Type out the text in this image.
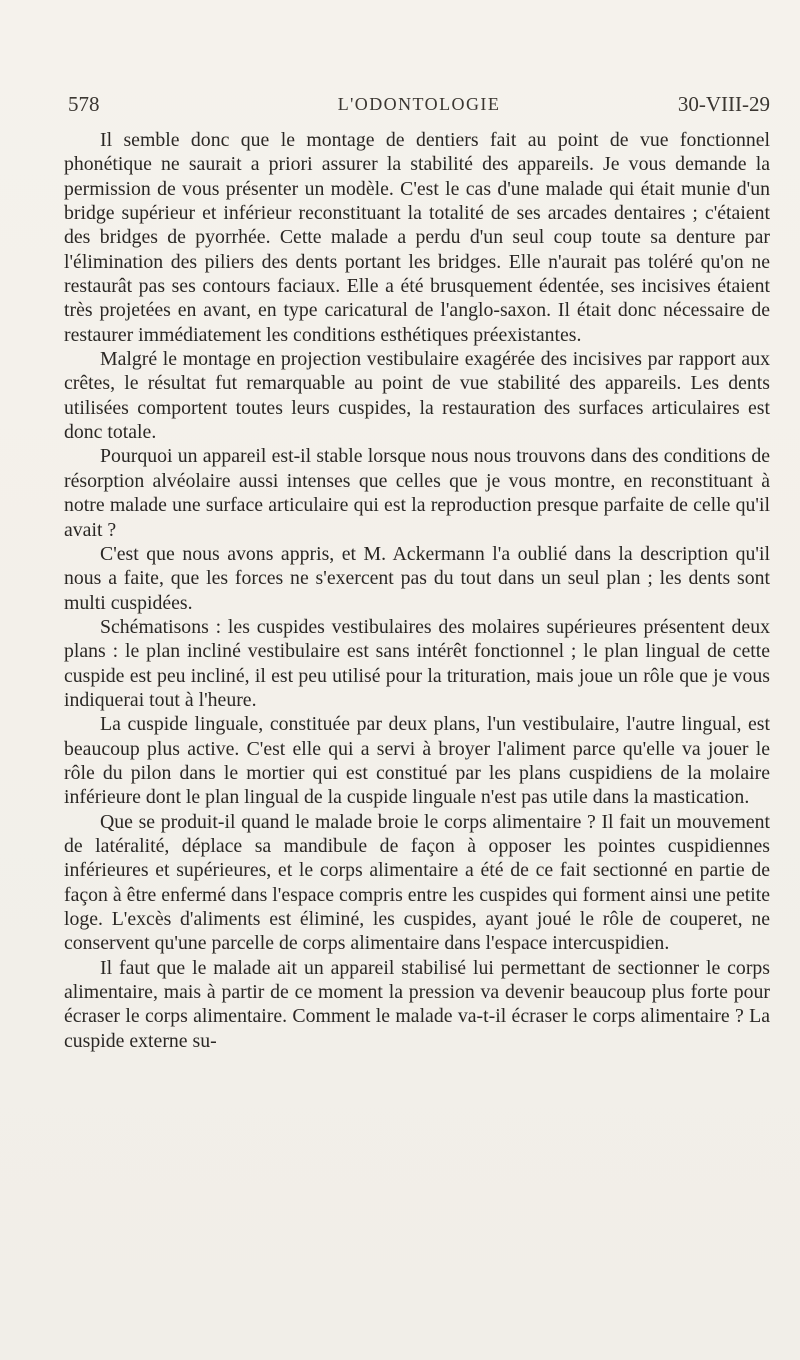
578	L'ODONTOLOGIE	30-VIII-29

Il semble donc que le montage de dentiers fait au point de vue fonctionnel phonétique ne saurait a priori assurer la stabilité des appareils. Je vous demande la permission de vous présenter un modèle. C'est le cas d'une malade qui était munie d'un bridge supérieur et inférieur reconstituant la totalité de ses arcades dentaires ; c'étaient des bridges de pyorrhée. Cette malade a perdu d'un seul coup toute sa denture par l'élimination des piliers des dents portant les bridges. Elle n'aurait pas toléré qu'on ne restaurât pas ses contours faciaux. Elle a été brusquement édentée, ses incisives étaient très projetées en avant, en type caricatural de l'anglo-saxon. Il était donc nécessaire de restaurer immédiatement les conditions esthétiques préexistantes.

Malgré le montage en projection vestibulaire exagérée des incisives par rapport aux crêtes, le résultat fut remarquable au point de vue stabilité des appareils. Les dents utilisées comportent toutes leurs cuspides, la restauration des surfaces articulaires est donc totale.

Pourquoi un appareil est-il stable lorsque nous nous trouvons dans des conditions de résorption alvéolaire aussi intenses que celles que je vous montre, en reconstituant à notre malade une surface articulaire qui est la reproduction presque parfaite de celle qu'il avait ?

C'est que nous avons appris, et M. Ackermann l'a oublié dans la description qu'il nous a faite, que les forces ne s'exercent pas du tout dans un seul plan ; les dents sont multi cuspidées.

Schématisons : les cuspides vestibulaires des molaires supérieures présentent deux plans : le plan incliné vestibulaire est sans intérêt fonctionnel ; le plan lingual de cette cuspide est peu incliné, il est peu utilisé pour la trituration, mais joue un rôle que je vous indiquerai tout à l'heure.

La cuspide linguale, constituée par deux plans, l'un vestibulaire, l'autre lingual, est beaucoup plus active. C'est elle qui a servi à broyer l'aliment parce qu'elle va jouer le rôle du pilon dans le mortier qui est constitué par les plans cuspidiens de la molaire inférieure dont le plan lingual de la cuspide linguale n'est pas utile dans la mastication.

Que se produit-il quand le malade broie le corps alimentaire ? Il fait un mouvement de latéralité, déplace sa mandibule de façon à opposer les pointes cuspidiennes inférieures et supérieures, et le corps alimentaire a été de ce fait sectionné en partie de façon à être enfermé dans l'espace compris entre les cuspides qui forment ainsi une petite loge. L'excès d'aliments est éliminé, les cuspides, ayant joué le rôle de couperet, ne conservent qu'une parcelle de corps alimentaire dans l'espace intercuspidien.

Il faut que le malade ait un appareil stabilisé lui permettant de sectionner le corps alimentaire, mais à partir de ce moment la pression va devenir beaucoup plus forte pour écraser le corps alimentaire. Comment le malade va-t-il écraser le corps alimentaire ? La cuspide externe su-
